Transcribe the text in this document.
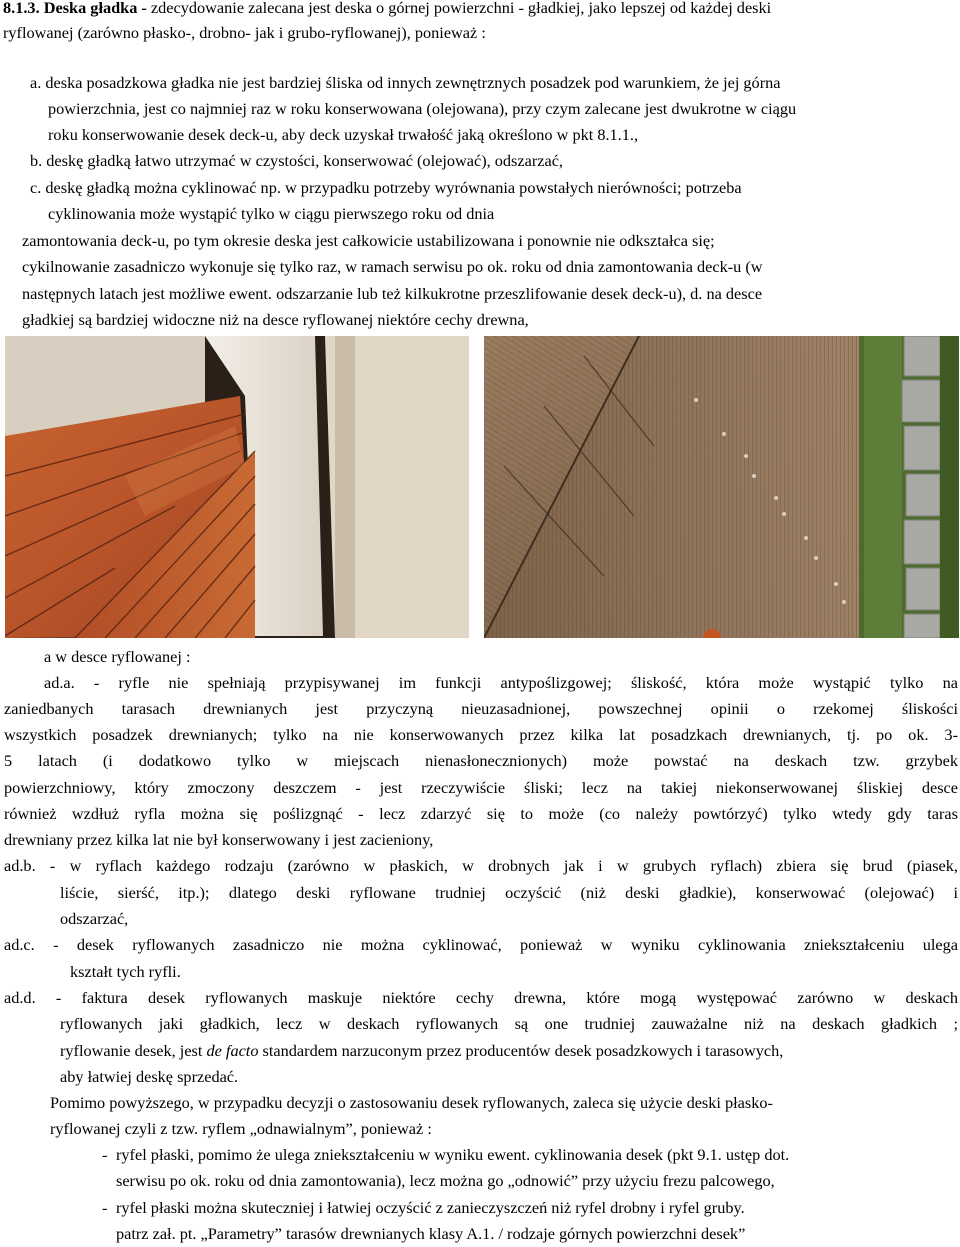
8.1.3. Deska gładka - zdecydowanie zalecana jest deska o górnej powierzchni - gładkiej, jako lepszej od każdej deski
ryflowanej (zarówno płasko-, drobno- jak i grubo-ryflowanej), ponieważ :
a. deska posadzkowa gładka nie jest bardziej śliska od innych zewnętrznych posadzek pod warunkiem, że jej górna
powierzchnia, jest co najmniej raz w roku konserwowana (olejowana), przy czym zalecane jest dwukrotne w ciągu
roku konserwowanie desek deck-u, aby deck uzyskał trwałość jaką określono w pkt 8.1.1.,
b. deskę gładką łatwo utrzymać w czystości, konserwować (olejować), odszarzać,
c. deskę gładką można cyklinować np. w przypadku potrzeby wyrównania powstałych nierówności; potrzeba
cyklinowania może wystąpić tylko w ciągu pierwszego roku od dnia
zamontowania deck-u, po tym okresie deska jest całkowicie ustabilizowana i ponownie nie odkształca się;
cykilnowanie zasadniczo wykonuje się tylko raz, w ramach serwisu po ok. roku od dnia zamontowania deck-u (w
następnych latach jest możliwe ewent. odszarzanie lub też kilkukrotne przeszlifowanie desek deck-u), d. na desce
gładkiej są bardziej widoczne niż na desce ryflowanej niektóre cechy drewna,
a w desce ryflowanej :
ad.a. - ryfle nie spełniają przypisywanej im funkcji antypoślizgowej; śliskość, która może wystąpić tylko na
zaniedbanych tarasach drewnianych jest przyczyną nieuzasadnionej, powszechnej opinii o rzekomej śliskości
wszystkich posadzek drewnianych; tylko na nie konserwowanych przez kilka lat posadzkach drewnianych, tj. po ok. 3-
5 latach (i dodatkowo tylko w miejscach nienasłonecznionych) może powstać na deskach tzw. grzybek
powierzchniowy, który zmoczony deszczem - jest rzeczywiście śliski; lecz na takiej niekonserwowanej śliskiej desce
również wzdłuż ryfla można się poślizgnąć - lecz zdarzyć się to może (co należy powtórzyć) tylko wtedy gdy taras
drewniany przez kilka lat nie był konserwowany i jest zacieniony,
ad.b. - w ryflach każdego rodzaju (zarówno w płaskich, w drobnych jak i w grubych ryflach) zbiera się brud (piasek,
liście, sierść, itp.); dlatego deski ryflowane trudniej oczyścić (niż deski gładkie), konserwować (olejować) i
odszarzać,
ad.c. - desek ryflowanych zasadniczo nie można cyklinować, ponieważ w wyniku cyklinowania zniekształceniu ulega
kształt tych ryfli.
ad.d. - faktura desek ryflowanych maskuje niektóre cechy drewna, które mogą występować zarówno w deskach
ryflowanych jaki gładkich, lecz w deskach ryflowanych są one trudniej zauważalne niż na deskach gładkich ;
ryflowanie desek, jest de facto standardem narzuconym przez producentów desek posadzkowych i tarasowych,
aby łatwiej deskę sprzedać.
Pomimo powyższego, w przypadku decyzji o zastosowaniu desek ryflowanych, zaleca się użycie deski płasko-
ryflowanej czyli z tzw. ryflem „odnawialnym”, ponieważ :
- ryfel płaski, pomimo że ulega zniekształceniu w wyniku ewent. cyklinowania desek (pkt 9.1. ustęp dot.
serwisu po ok. roku od dnia zamontowania), lecz można go „odnowić” przy użyciu frezu palcowego,
- ryfel płaski można skuteczniej i łatwiej oczyścić z zanieczyszczeń niż ryfel drobny i ryfel gruby.
patrz zał. pt. „Parametry” tarasów drewnianych klasy A.1. / rodzaje górnych powierzchni desek”
